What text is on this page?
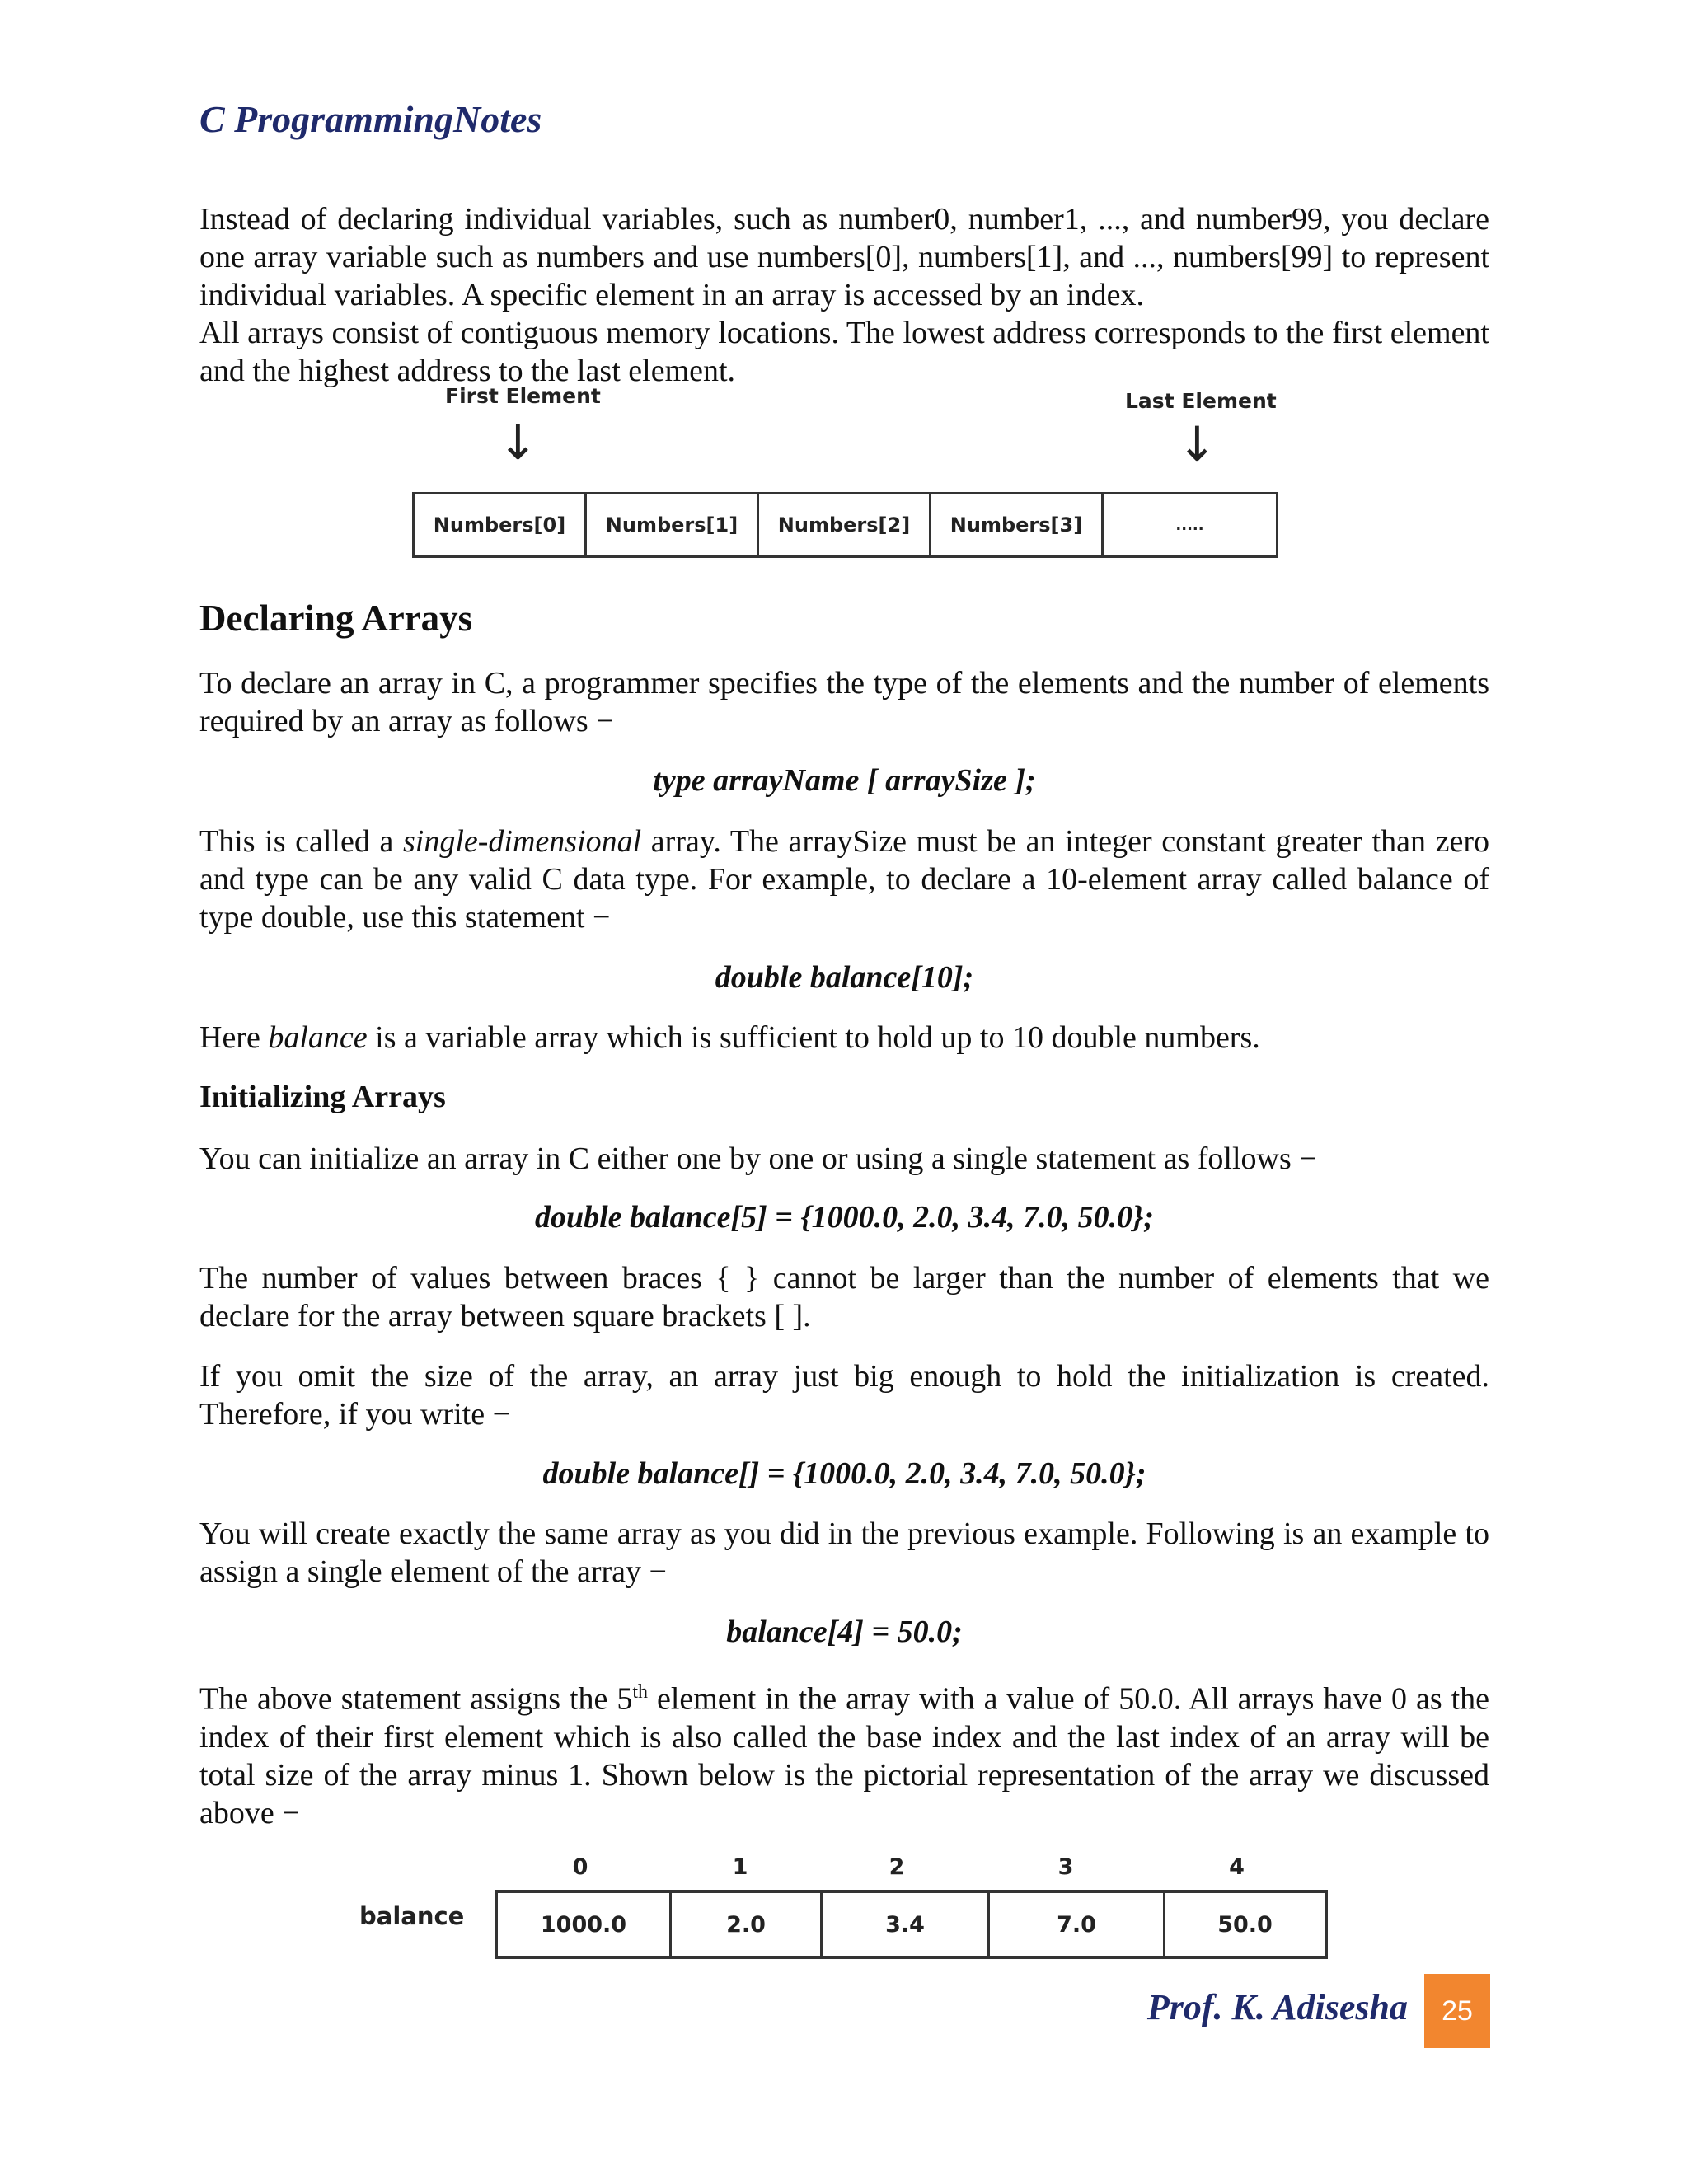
C ProgrammingNotes

Instead of declaring individual variables, such as number0, number1, ..., and number99, you declare one array variable such as numbers and use numbers[0], numbers[1], and ..., numbers[99] to represent individual variables. A specific element in an array is accessed by an index.

All arrays consist of contiguous memory locations. The lowest address corresponds to the first element and the highest address to the last element.

First Element	Last Element
↓	↓
Numbers[0]	Numbers[1]	Numbers[2]	Numbers[3]	.....
Declaring Arrays

To declare an array in C, a programmer specifies the type of the elements and the number of elements required by an array as follows −

type arrayName [ arraySize ];

This is called a single-dimensional array. The arraySize must be an integer constant greater than zero and type can be any valid C data type. For example, to declare a 10-element array called balance of type double, use this statement −

double balance[10];

Here balance is a variable array which is sufficient to hold up to 10 double numbers.

Initializing Arrays

You can initialize an array in C either one by one or using a single statement as follows −

double balance[5] = {1000.0, 2.0, 3.4, 7.0, 50.0};

The number of values between braces { } cannot be larger than the number of elements that we declare for the array between square brackets [ ].

If you omit the size of the array, an array just big enough to hold the initialization is created. Therefore, if you write −

double balance[] = {1000.0, 2.0, 3.4, 7.0, 50.0};

You will create exactly the same array as you did in the previous example. Following is an example to assign a single element of the array −

balance[4] = 50.0;

The above statement assigns the 5th element in the array with a value of 50.0. All arrays have 0 as the index of their first element which is also called the base index and the last index of an array will be total size of the array minus 1. Shown below is the pictorial representation of the array we discussed above −

balance
0	1	2	3	4
1000.0	2.0	3.4	7.0	50.0
Prof. K. Adisesha	25
